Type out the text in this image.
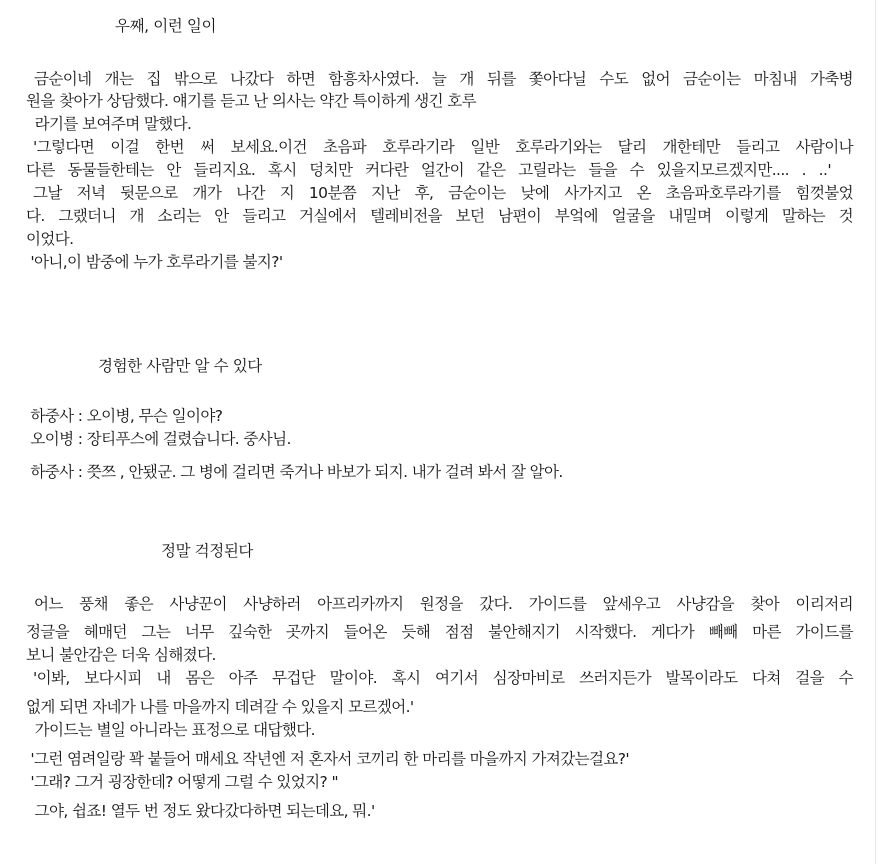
우째, 이런 일이
금순이네 개는 집 밖으로 나갔다 하면 함흥차사였다. 늘 개 뒤를 쫓아다닐 수도 없어 금순이는 마침내 가축병
원을 찾아가 상담했다. 얘기를 듣고 난 의사는 약간 특이하게 생긴 호루
라기를 보여주며 말했다.
'그렇다면 이걸 한번 써 보세요.이건 초음파 호루라기라 일반 호루라기와는 달리 개한테만 들리고 사람이나
다른 동물들한테는 안 들리지요. 혹시 덩치만 커다란 얼간이 같은 고릴라는 들을 수 있을지모르겠지만.... . ..'
그날 저녁 뒷문으로 개가 나간 지 10분쯤 지난 후, 금순이는 낮에 사가지고 온 초음파호루라기를 힘껏불었
다. 그랬더니 개 소리는 안 들리고 거실에서 텔레비전을 보던 남편이 부엌에 얼굴을 내밀며 이렇게 말하는 것
이었다.
'아니,이 밤중에 누가 호루라기를 불지?'
경험한 사람만 알 수 있다
하중사 : 오이병, 무슨 일이야?
오이병 : 장티푸스에 걸렸습니다. 중사님.
하중사 : 쯧쯔 , 안됐군. 그 병에 걸리면 죽거나 바보가 되지. 내가 걸려 봐서 잘 알아.
정말 걱정된다
어느 풍채 좋은 사냥꾼이 사냥하러 아프리카까지 원정을 갔다. 가이드를 앞세우고 사냥감을 찾아 이리저리
정글을 헤매던 그는 너무 깊숙한 곳까지 들어온 듯해 점점 불안해지기 시작했다. 게다가 빼빼 마른 가이드를
보니 불안감은 더욱 심해졌다.
'이봐, 보다시피 내 몸은 아주 무겁단 말이야. 혹시 여기서 심장마비로 쓰러지든가 발목이라도 다쳐 걸을 수
없게 되면 자네가 나를 마을까지 데려갈 수 있을지 모르겠어.'
가이드는 별일 아니라는 표정으로 대답했다.
'그런 염려일랑 꽉 붙들어 매세요 작년엔 저 혼자서 코끼리 한 마리를 마을까지 가져갔는걸요?'
'그래? 그거 굉장한데? 어떻게 그럴 수 있었지? "
그야, 쉽죠! 열두 번 정도 왔다갔다하면 되는데요, 뭐.'
